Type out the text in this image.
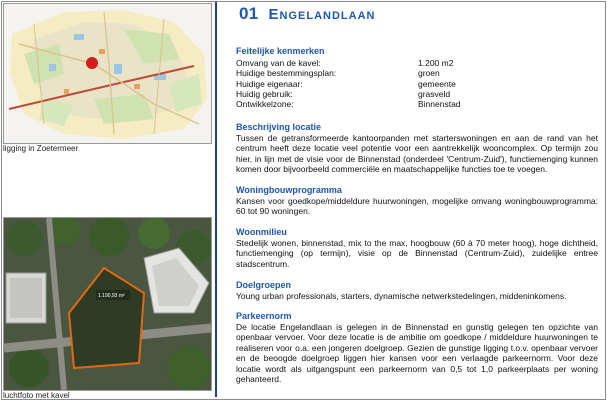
ligging in Zoetermeer
1.190,93 m²
luchtfoto met kavel
01 Engelandlaan
Feitelijke kenmerken
Omvang van de kavel:	1.200 m2
Huidige bestemmingsplan:	groen
Huidige eigenaar:	gemeente
Huidig gebruik:	grasveld
Ontwikkelzone:	Binnenstad
Beschrijving locatie
Tussen de getransformeerde kantoorpanden met starterswoningen en aan de rand van het centrum heeft deze locatie veel potentie voor een aantrekkelijk wooncomplex. Op termijn zou hier, in lijn met de visie voor de Binnenstad (onderdeel 'Centrum-Zuid'), functiemenging kunnen komen door bijvoorbeeld commerciële en maatschappelijke functies toe te voegen.
Woningbouwprogramma
Kansen voor goedkope/middeldure huurwoningen, mogelijke omvang woningbouwprogramma: 60 tot 90 woningen.
Woonmilieu
Stedelijk wonen, binnenstad, mix to the max, hoogbouw (60 à 70 meter hoog), hoge dichtheid, functiemenging (op termijn), visie op de Binnenstad (Centrum-Zuid), zuidelijke entree stadscentrum.
Doelgroepen
Young urban professionals, starters, dynamische netwerkstedelingen, middeninkomens.
Parkeernorm
De locatie Engelandlaan is gelegen in de Binnenstad en gunstig gelegen ten opzichte van openbaar vervoer. Voor deze locatie is de ambitie om goedkope / middeldure huurwoningen te realiseren voor o.a. een jongeren doelgroep. Gezien de gunstige ligging t.o.v. openbaar vervoer en de beoogde doelgroep liggen hier kansen voor een verlaagde parkeernorm. Voor deze locatie wordt als uitgangspunt een parkeernorm van 0,5 tot 1,0 parkeerplaats per woning gehanteerd.
